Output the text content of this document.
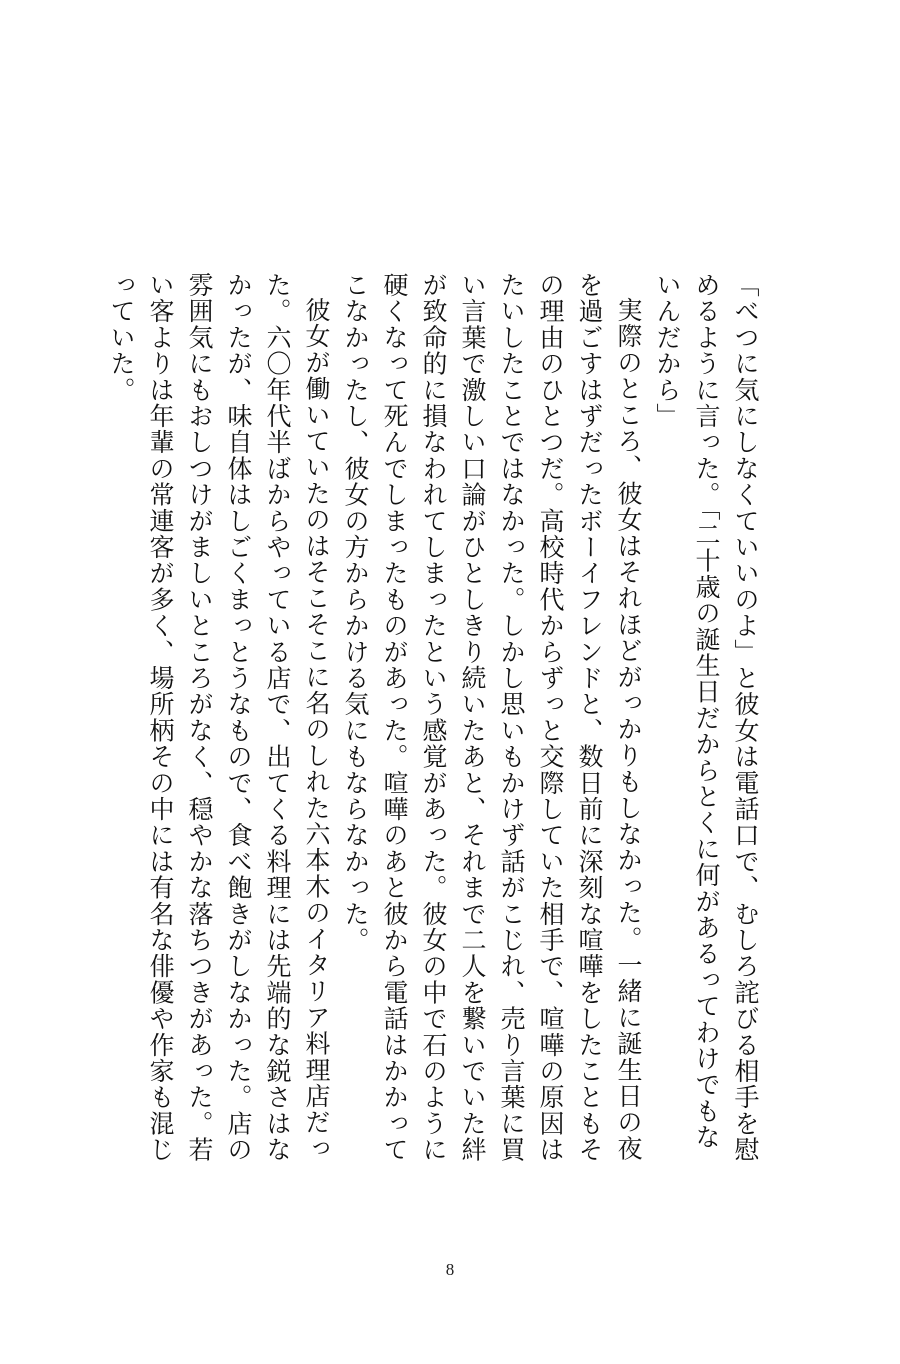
「べつに気にしなくていいのよ」と彼女は電話口で、むしろ詫びる相手を慰めるように言った。「二十歳の誕生日だからとくに何があるってわけでもないんだから」

実際のところ、彼女はそれほどがっかりもしなかった。一緒に誕生日の夜を過ごすはずだったボーイフレンドと、数日前に深刻な喧嘩をしたこともその理由のひとつだ。高校時代からずっと交際していた相手で、喧嘩の原因はたいしたことではなかった。しかし思いもかけず話がこじれ、売り言葉に買い言葉で激しい口論がひとしきり続いたあと、それまで二人を繋いでいた絆が致命的に損なわれてしまったという感覚があった。彼女の中で石のように硬くなって死んでしまったものがあった。喧嘩のあと彼から電話はかかってこなかったし、彼女の方からかける気にもならなかった。

彼女が働いていたのはそこそこに名のしれた六本木のイタリア料理店だった。六〇年代半ばからやっている店で、出てくる料理には先端的な鋭さはなかったが、味自体はしごくまっとうなもので、食べ飽きがしなかった。店の雰囲気にもおしつけがましいところがなく、穏やかな落ちつきがあった。若い客よりは年輩の常連客が多く、場所柄その中には有名な俳優や作家も混じっていた。

8
